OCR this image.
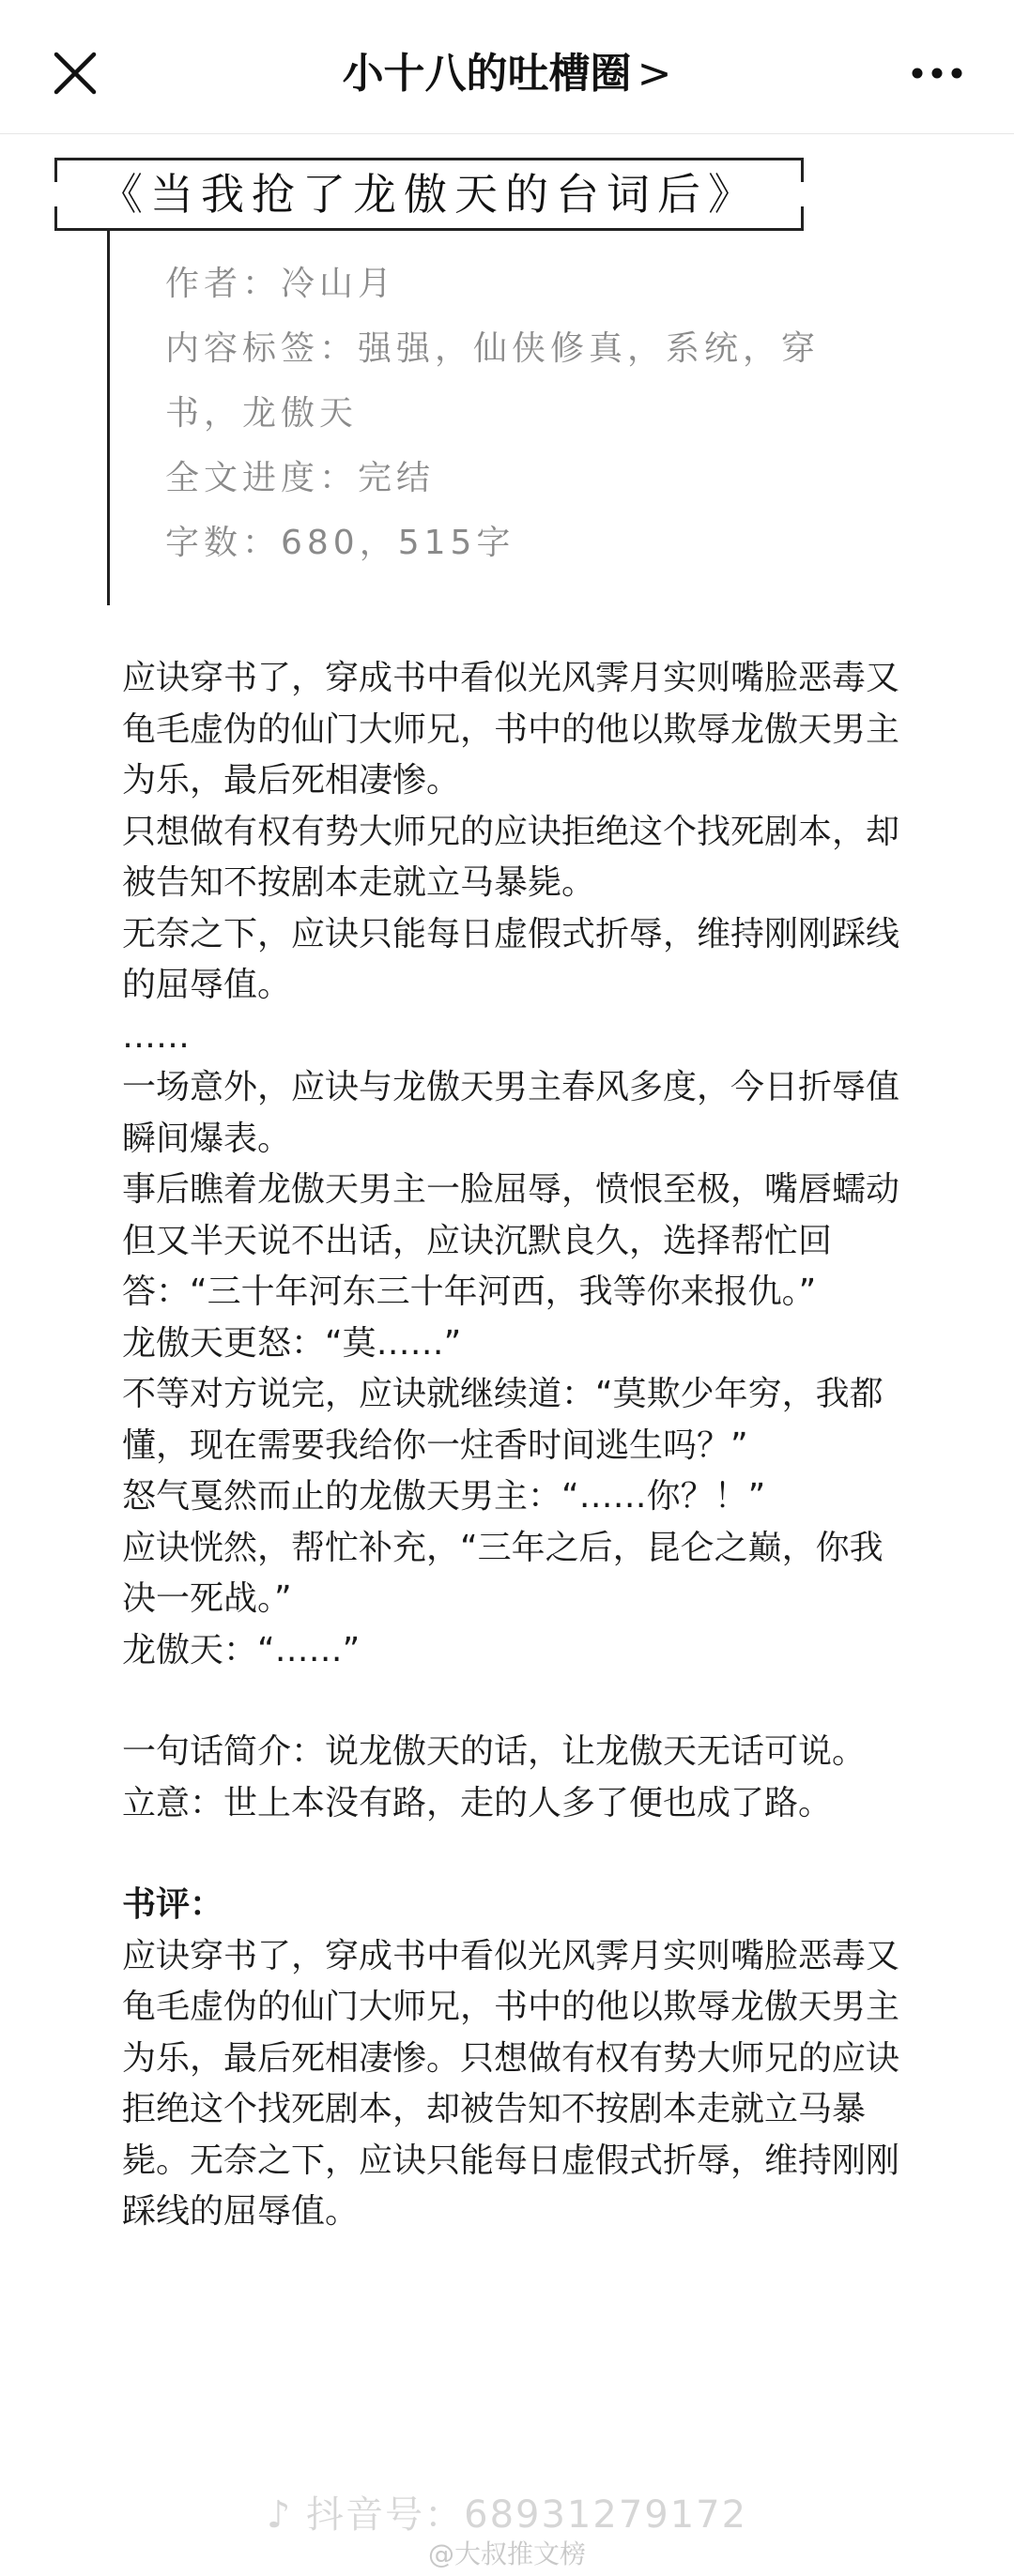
小十八的吐槽圈 >
《当我抢了龙傲天的台词后》

作者：冷山月

内容标签：强强，仙侠修真，系统，穿

书，龙傲天

全文进度：完结

字数：680，515字

应诀穿书了，穿成书中看似光风霁月实则嘴脸恶毒又龟毛虚伪的仙门大师兄，书中的他以欺辱龙傲天男主为乐，最后死相凄惨。

只想做有权有势大师兄的应诀拒绝这个找死剧本，却被告知不按剧本走就立马暴毙。

无奈之下，应诀只能每日虚假式折辱，维持刚刚踩线的屈辱值。

……

一场意外，应诀与龙傲天男主春风多度，今日折辱值瞬间爆表。

事后瞧着龙傲天男主一脸屈辱，愤恨至极，嘴唇蠕动但又半天说不出话，应诀沉默良久，选择帮忙回答：“三十年河东三十年河西，我等你来报仇。”

龙傲天更怒：“莫……”

不等对方说完，应诀就继续道：“莫欺少年穷，我都懂，现在需要我给你一炷香时间逃生吗？”

怒气戛然而止的龙傲天男主：“……你？！”

应诀恍然，帮忙补充，“三年之后，昆仑之巅，你我决一死战。”

龙傲天：“……”

一句话简介：说龙傲天的话，让龙傲天无话可说。

立意：世上本没有路，走的人多了便也成了路。

书评：

应诀穿书了，穿成书中看似光风霁月实则嘴脸恶毒又龟毛虚伪的仙门大师兄，书中的他以欺辱龙傲天男主为乐，最后死相凄惨。只想做有权有势大师兄的应诀拒绝这个找死剧本，却被告知不按剧本走就立马暴毙。无奈之下，应诀只能每日虚假式折辱，维持刚刚踩线的屈辱值。

♪ 抖音号：68931279172
@大叔推文榜
